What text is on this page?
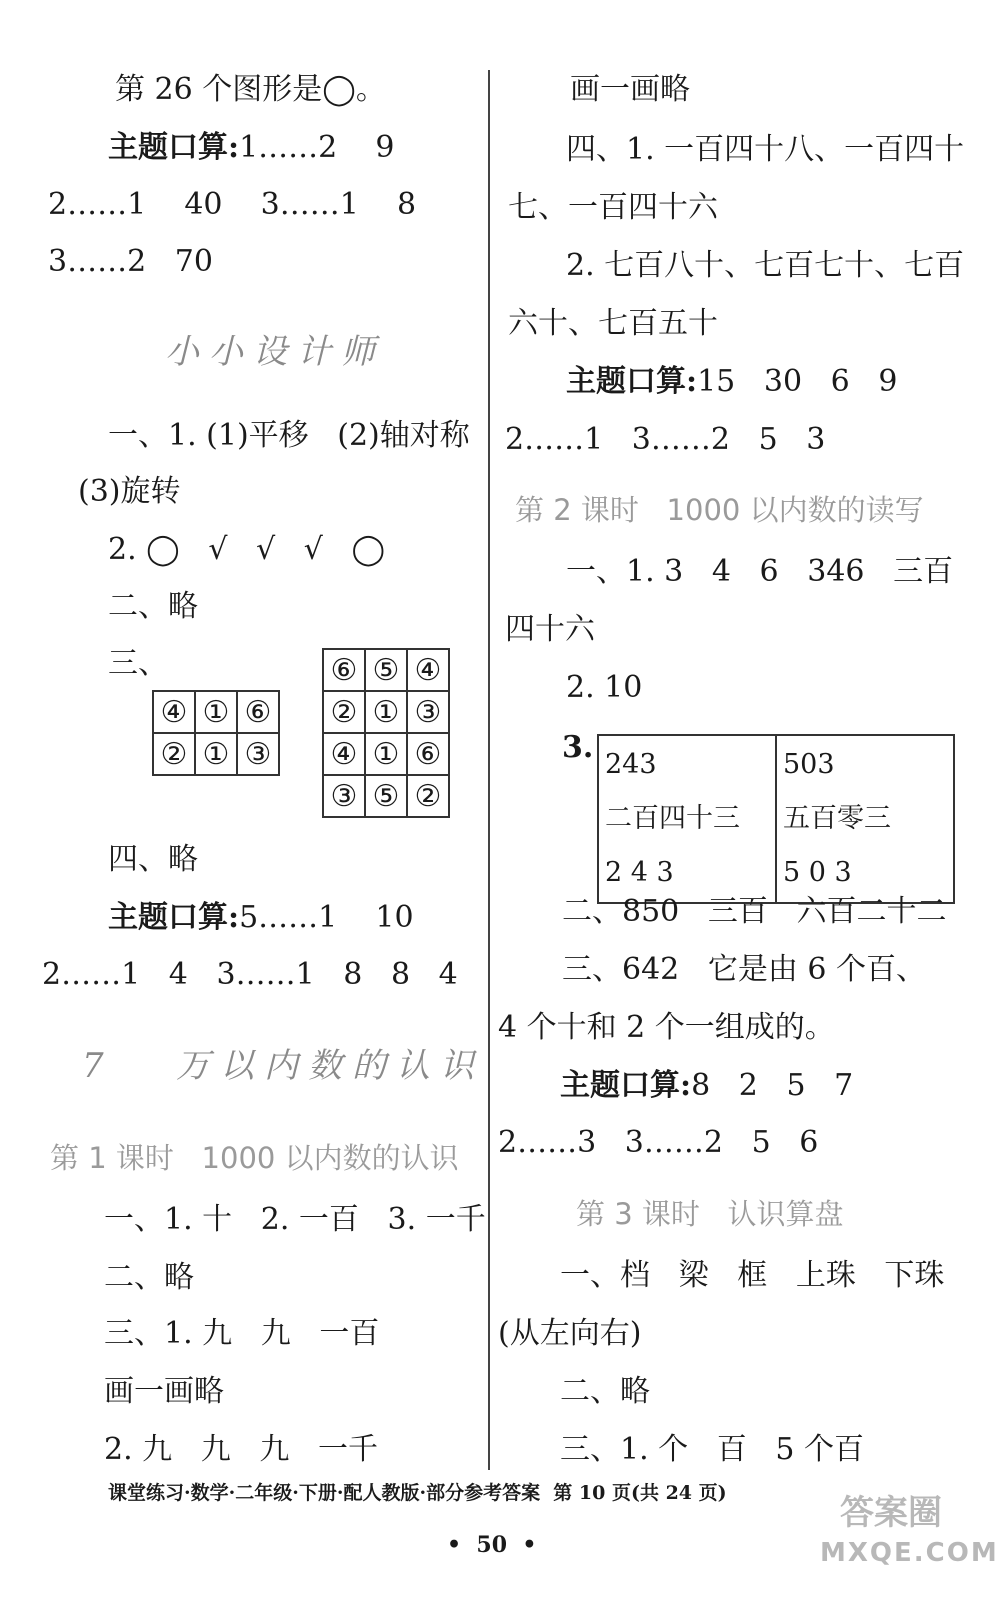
第 26 个图形是◯。
主题口算:1……2    9
2……1    40    3……1    8
3……2   70
小小设计师
一、1. (1)平移   (2)轴对称
(3)旋转
2. ◯   √   √   √   ◯
二、略
三、
④	①	⑥
②	①	③
⑥	⑤	④
②	①	③
④	①	⑥
③	⑤	②
四、略
主题口算:5……1    10
2……1   4   3……1   8   8   4
7   万以内数的认识
第 1 课时   1000 以内数的认识
一、1. 十   2. 一百   3. 一千
二、略
三、1. 九   九   一百
画一画略
2. 九   九   九   一千
画一画略
四、1. 一百四十八、一百四十
七、一百四十六
2. 七百八十、七百七十、七百
六十、七百五十
主题口算:15   30   6   9
2……1   3……2   5   3
第 2 课时   1000 以内数的读写
一、1. 3   4   6   346   三百
四十六
2. 10
3. 243
二百四十三
2 4 3

503
五百零三
5 0 3
二、850   三百   六百二十二
三、642   它是由 6 个百、
4 个十和 2 个一组成的。
主题口算:8   2   5   7
2……3   3……2   5   6
第 3 课时   认识算盘
一、档   梁   框   上珠   下珠
(从左向右)
二、略
三、1. 个   百   5 个百
课堂练习·数学·二年级·下册·配人教版·部分参考答案  第 10 页(共 24 页)
•  50  •
答案圈
MXQE.COM
